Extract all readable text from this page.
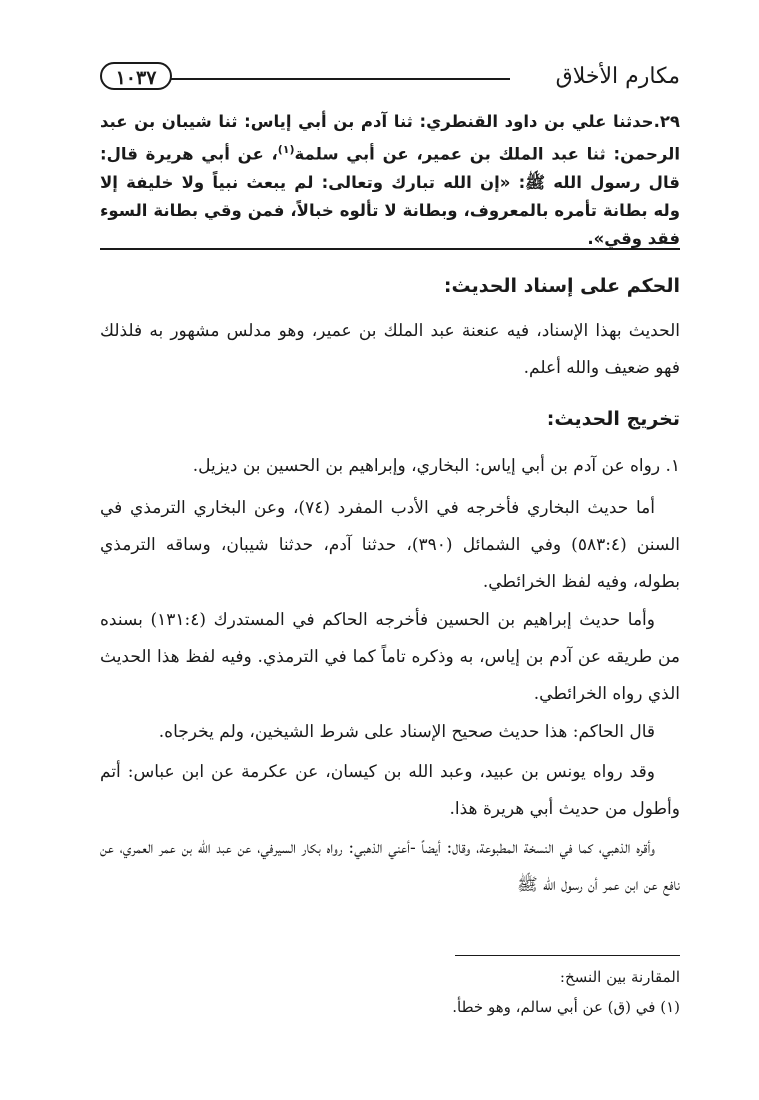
مكارم الأخلاق
١٠٣٧

٢٩.حدثنا علي بن داود القنطري: ثنا آدم بن أبي إياس: ثنا شيبان بن عبد الرحمن: ثنا عبد الملك بن عمير، عن أبي سلمة$^{(١)}$، عن أبي هريرة قال: قال رسول الله ﷺ: «إن الله تبارك وتعالى: لم يبعث نبياً ولا خليفة إلا وله بطانة تأمره بالمعروف، وبطانة لا تألوه خبالاً، فمن وقي بطانة السوء فقد وقي».

الحكم على إسناد الحديث:

الحديث بهذا الإسناد، فيه عنعنة عبد الملك بن عمير، وهو مدلس مشهور به فلذلك فهو ضعيف والله أعلم.

تخريج الحديث:

١. رواه عن آدم بن أبي إياس: البخاري، وإبراهيم بن الحسين بن ديزيل.

أما حديث البخاري فأخرجه في الأدب المفرد (٧٤)، وعن البخاري الترمذي في السنن (٥٨٣:٤) وفي الشمائل (٣٩٠)، حدثنا آدم، حدثنا شيبان، وساقه الترمذي بطوله، وفيه لفظ الخرائطي.

وأما حديث إبراهيم بن الحسين فأخرجه الحاكم في المستدرك (١٣١:٤) بسنده من طريقه عن آدم بن إياس، به وذكره تاماً كما في الترمذي. وفيه لفظ هذا الحديث الذي رواه الخرائطي.

قال الحاكم: هذا حديث صحيح الإسناد على شرط الشيخين، ولم يخرجاه.

وقد رواه يونس بن عبيد، وعبد الله بن كيسان، عن عكرمة عن ابن عباس: أتم وأطول من حديث أبي هريرة هذا.

وأقره الذهبي، كما في النسخة المطبوعة، وقال: أيضاً -أعني الذهبي: رواه بكار السيرفي، عن عبد الله بن عمر العمري، عن نافع عن ابن عمر أن رسول الله ﷺ

المقارنة بين النسخ:
(١) في (ق) عن أبي سالم، وهو خطأ.
